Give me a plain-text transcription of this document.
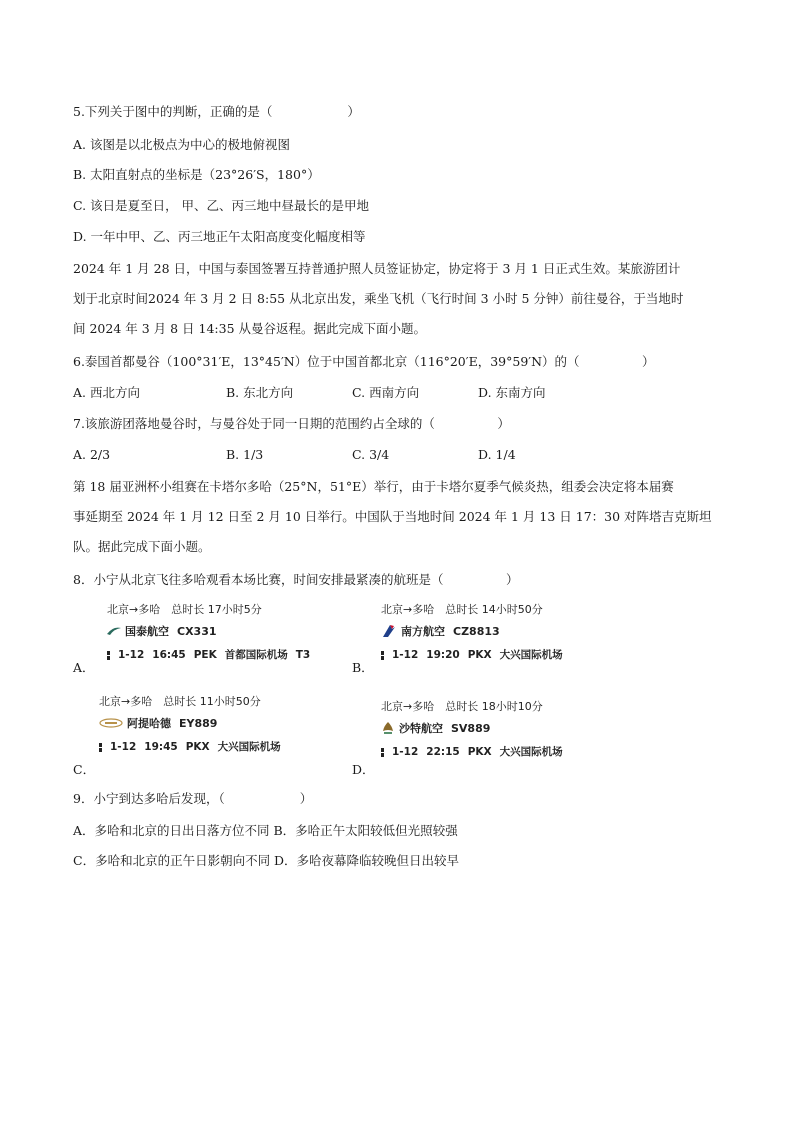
5.下列关于图中的判断，正确的是（　　　　　　）
A. 该图是以北极点为中心的极地俯视图
B. 太阳直射点的坐标是（23°26′S，180°）
C. 该日是夏至日， 甲、乙、丙三地中昼最长的是甲地
D. 一年中甲、乙、丙三地正午太阳高度变化幅度相等
2024 年 1 月 28 日，中国与泰国签署互持普通护照人员签证协定，协定将于 3 月 1 日正式生效。某旅游团计
划于北京时间2024 年 3 月 2 日 8:55 从北京出发，乘坐飞机（飞行时间 3 小时 5 分钟）前往曼谷，于当地时
间 2024 年 3 月 8 日 14:35 从曼谷返程。据此完成下面小题。
6.泰国首都曼谷（100°31′E，13°45′N）位于中国首都北京（116°20′E，39°59′N）的（　　　　　）
A. 西北方向	B. 东北方向	C. 西南方向	D. 东南方向
7.该旅游团落地曼谷时，与曼谷处于同一日期的范围约占全球的（　　　　　）
A. 2/3	B. 1/3	C. 3/4	D. 1/4
第 18 届亚洲杯小组赛在卡塔尔多哈（25°N，51°E）举行，由于卡塔尔夏季气候炎热，组委会决定将本届赛
事延期至 2024 年 1 月 12 日至 2 月 10 日举行。中国队于当地时间 2024 年 1 月 13 日 17：30 对阵塔吉克斯坦
队。据此完成下面小题。
8．小宁从北京飞往多哈观看本场比赛，时间安排最紧凑的航班是（　　　　　）
A．
北京→多哈　总时长 17小时5分
国泰航空 CX331
1-12 16:45 PEK 首都国际机场 T3
B．
北京→多哈　总时长 14小时50分
南方航空 CZ8813
1-12 19:20 PKX 大兴国际机场
C．
北京→多哈　总时长 11小时50分
阿提哈德 EY889
1-12 19:45 PKX 大兴国际机场
D．
北京→多哈　总时长 18小时10分
沙特航空 SV889
1-12 22:15 PKX 大兴国际机场
9．小宁到达多哈后发现，（　　　　　　）
A．多哈和北京的日出日落方位不同 B．多哈正午太阳较低但光照较强
C．多哈和北京的正午日影朝向不同 D．多哈夜幕降临较晚但日出较早
